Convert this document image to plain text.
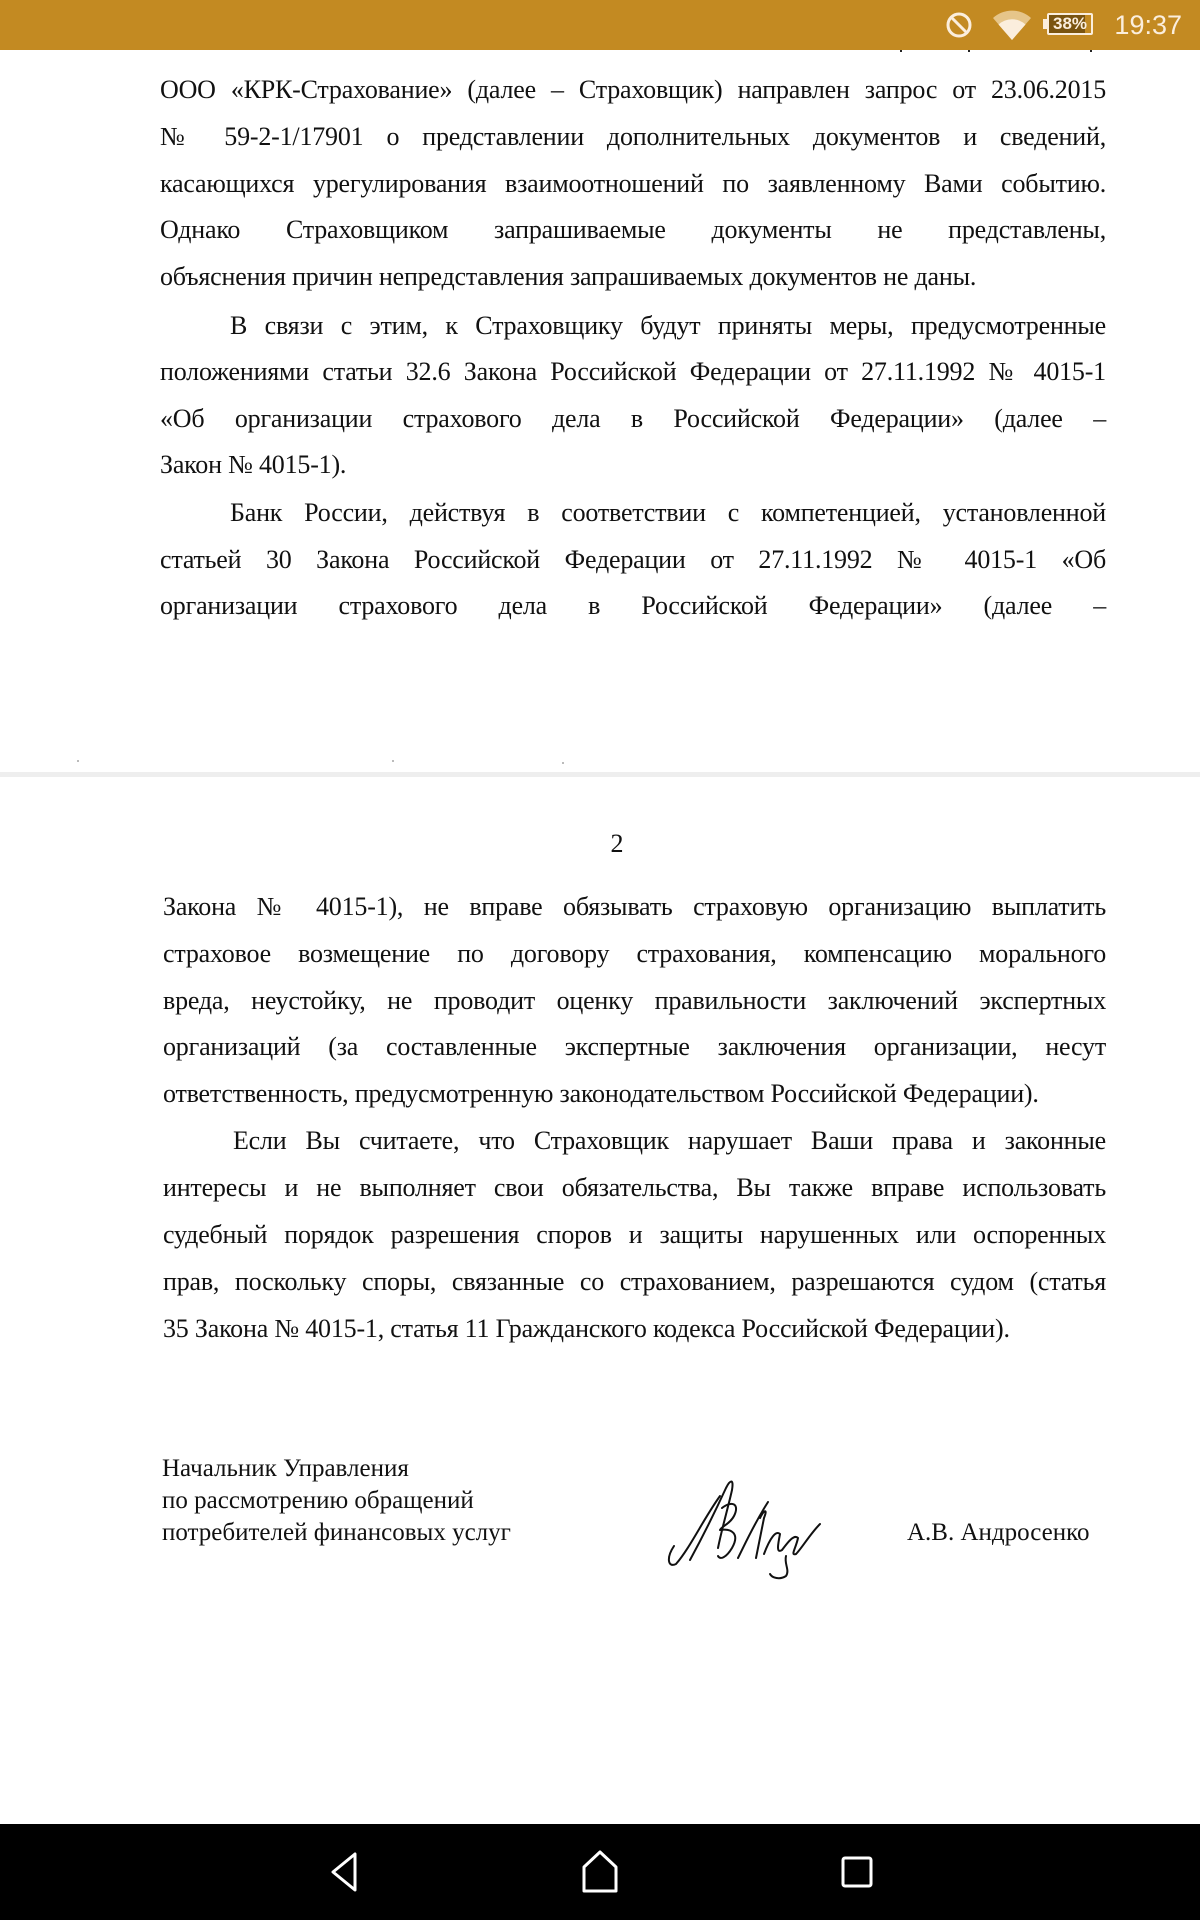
ООО «КРК-Страхование» (далее – Страховщик) направлен запрос от 23.06.2015
№ 59-2-1/17901 о представлении дополнительных документов и сведений,
касающихся урегулирования взаимоотношений по заявленному Вами событию.
Однако Страховщиком запрашиваемые документы не представлены,
объяснения причин непредставления запрашиваемых документов не даны.
В связи с этим, к Страховщику будут приняты меры, предусмотренные
положениями статьи 32.6 Закона Российской Федерации от 27.11.1992 № 4015-1
«Об организации страхового дела в Российской Федерации» (далее –
Закон № 4015-1).
Банк России, действуя в соответствии с компетенцией, установленной
статьей 30 Закона Российской Федерации от 27.11.1992 № 4015-1 «Об
организации страхового дела в Российской Федерации» (далее –
2
Закона № 4015-1), не вправе обязывать страховую организацию выплатить
страховое возмещение по договору страхования, компенсацию морального
вреда, неустойку, не проводит оценку правильности заключений экспертных
организаций (за составленные экспертные заключения организации, несут
ответственность, предусмотренную законодательством Российской Федерации).
Если Вы считаете, что Страховщик нарушает Ваши права и законные
интересы и не выполняет свои обязательства, Вы также вправе использовать
судебный порядок разрешения споров и защиты нарушенных или оспоренных
прав, поскольку споры, связанные со страхованием, разрешаются судом (статья
35 Закона № 4015-1, статья 11 Гражданского кодекса Российской Федерации).
Начальник Управления
по рассмотрению обращений
потребителей финансовых услуг	А.В. Андросенко
38% 19:37
